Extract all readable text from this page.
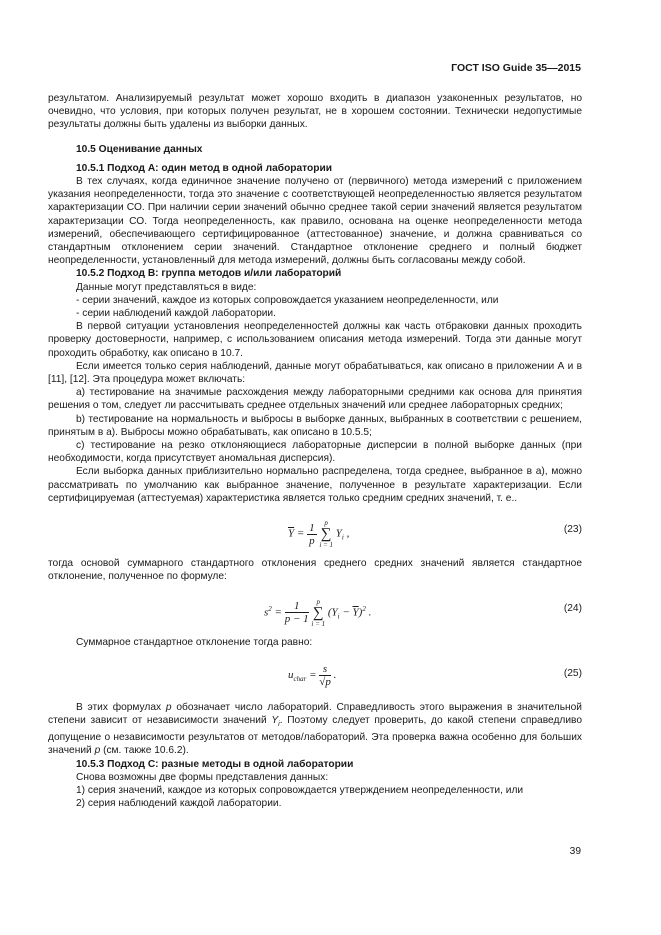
ГОСТ ISO Guide 35—2015

результатом. Анализируемый результат может хорошо входить в диапазон узаконенных результатов, но очевидно, что условия, при которых получен результат, не в хорошем состоянии. Технически недопустимые результаты должны быть удалены из выборки данных.

10.5 Оценивание данных

10.5.1 Подход А: один метод в одной лаборатории

В тех случаях, когда единичное значение получено от (первичного) метода измерений с приложением указания неопределенности, тогда это значение с соответствующей неопределенностью является результатом характеризации СО. При наличии серии значений обычно среднее такой серии значений является результатом характеризации СО. Тогда неопределенность, как правило, основана на оценке неопределенности метода измерений, обеспечивающего сертифицированное (аттестованное) значение, и должна сравниваться со стандартным отклонением серии значений. Стандартное отклонение среднего и полный бюджет неопределенности, установленный для метода измерений, должны быть согласованы между собой.

10.5.2 Подход В: группа методов и/или лабораторий

Данные могут представляться в виде:

- серии значений, каждое из которых сопровождается указанием неопределенности, или

- серии наблюдений каждой лаборатории.

В первой ситуации установления неопределенностей должны как часть отбраковки данных проходить проверку достоверности, например, с использованием описания метода измерений. Тогда эти данные могут проходить обработку, как описано в 10.7.

Если имеется только серия наблюдений, данные могут обрабатываться, как описано в приложении А и в [11], [12]. Эта процедура может включать:

a) тестирование на значимые расхождения между лабораторными средними как основа для принятия решения о том, следует ли рассчитывать среднее отдельных значений или среднее лабораторных средних;

b) тестирование на нормальность и выбросы в выборке данных, выбранных в соответствии с решением, принятым в а). Выбросы можно обрабатывать, как описано в 10.5.5;

c) тестирование на резко отклоняющиеся лабораторные дисперсии в полной выборке данных (при необходимости, когда присутствует аномальная дисперсия).

Если выборка данных приблизительно нормально распределена, тогда среднее, выбранное в а), можно рассматривать по умолчанию как выбранное значение, полученное в результате характеризации. Если сертифицируемая (аттестуемая) характеристика является только средним средних значений, т. е..

$\overline{Y} = \frac{1}{p}$
	p
∑
i = 1
$Y_i$ ,	(23)

тогда основой суммарного стандартного отклонения среднего средних значений является стандартное отклонение, полученное по формуле:

$s^2 = \frac{1}{p - 1}$
	p
∑
i = 1
$(Y_i - \overline{Y})^2$ .	(24)

Суммарное стандартное отклонение тогда равно:

$u_{char} = \frac{s}{√p}$ .	(25)

В этих формулах p обозначает число лабораторий. Справедливость этого выражения в значительной степени зависит от независимости значений $Y_i$. Поэтому следует проверить, до какой степени справедливо допущение о независимости результатов от методов/лабораторий. Эта проверка важна особенно для больших значений p (см. также 10.6.2).

10.5.3 Подход С: разные методы в одной лаборатории

Снова возможны две формы представления данных:

1) серия значений, каждое из которых сопровождается утверждением неопределенности, или

2) серия наблюдений каждой лаборатории.

39
